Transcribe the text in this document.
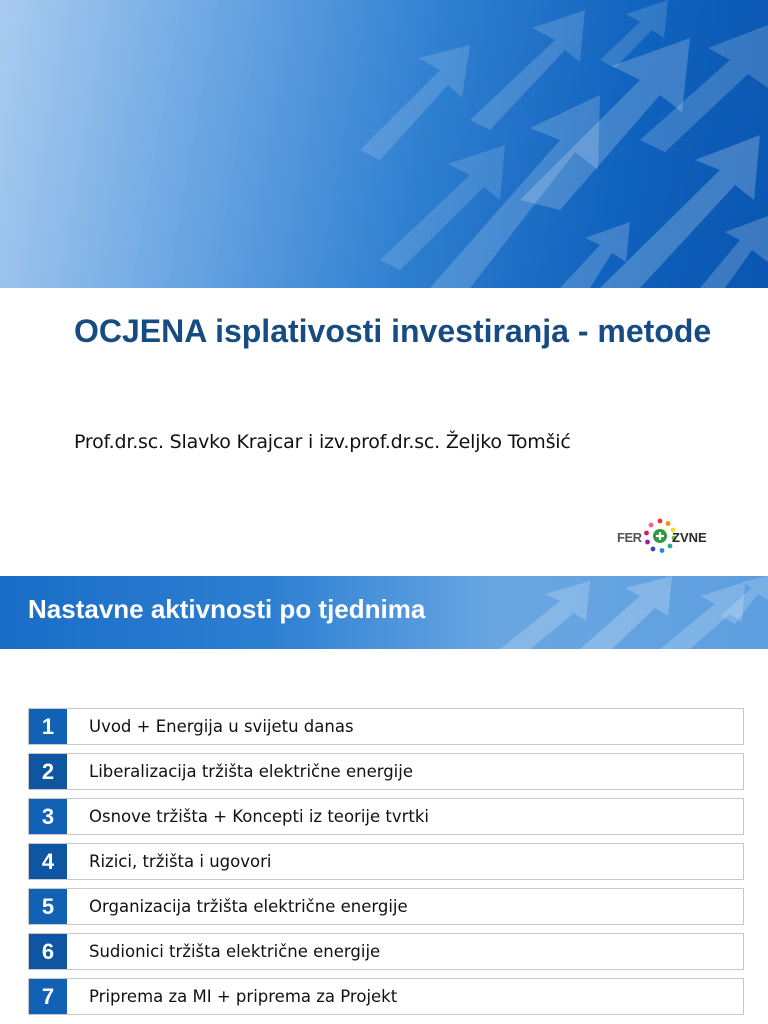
OCJENA isplativosti investiranja - metode
Prof.dr.sc. Slavko Krajcar i izv.prof.dr.sc. Željko Tomšić
FER ZVNE
Nastavne aktivnosti po tjednima
1	Uvod + Energija u svijetu danas
2	Liberalizacija tržišta električne energije
3	Osnove tržišta + Koncepti iz teorije tvrtki
4	Rizici, tržišta i ugovori
5	Organizacija tržišta električne energije
6	Sudionici tržišta električne energije
7	Priprema za MI + priprema za Projekt
